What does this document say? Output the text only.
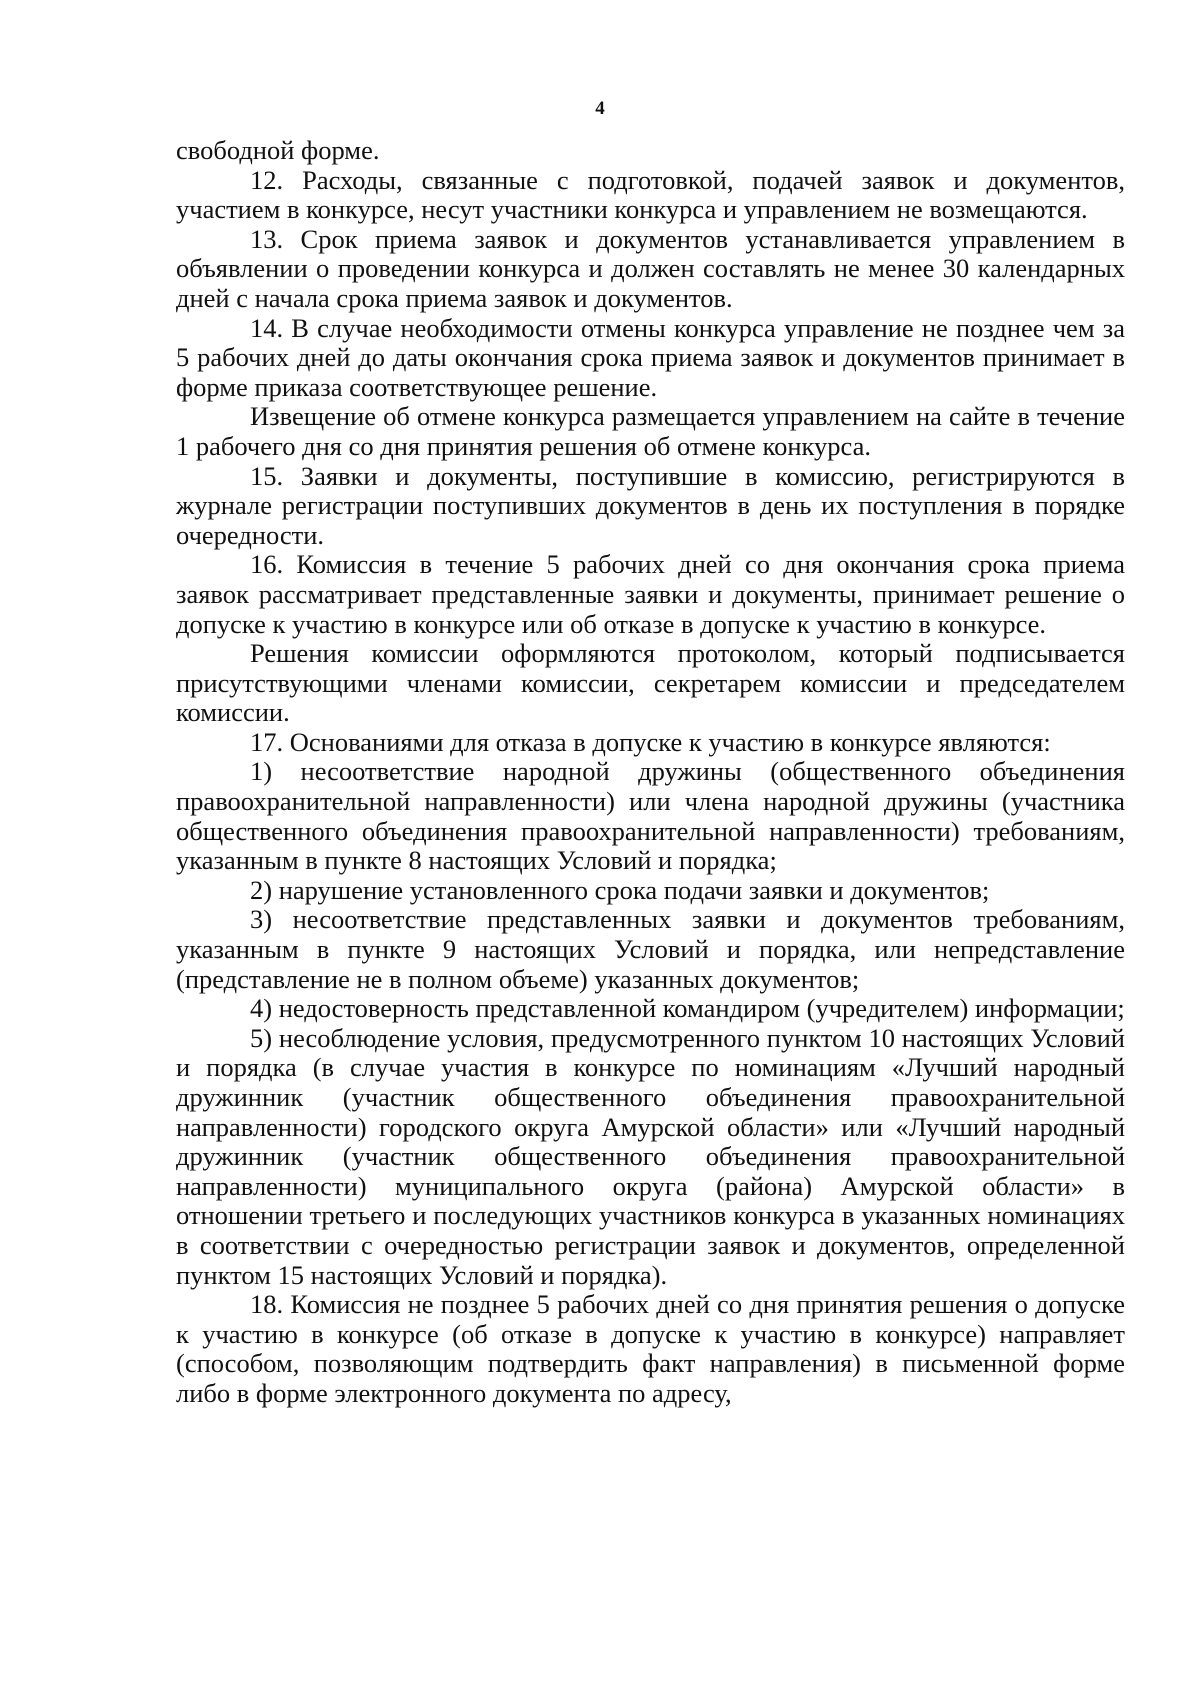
4

свободной форме.

12. Расходы, связанные с подготовкой, подачей заявок и документов, участием в конкурсе, несут участники конкурса и управлением не возмещаются.

13. Срок приема заявок и документов устанавливается управлением в объявлении о проведении конкурса и должен составлять не менее 30 календарных дней с начала срока приема заявок и документов.

14. В случае необходимости отмены конкурса управление не позднее чем за 5 рабочих дней до даты окончания срока приема заявок и документов принимает в форме приказа соответствующее решение.

Извещение об отмене конкурса размещается управлением на сайте в течение 1 рабочего дня со дня принятия решения об отмене конкурса.

15. Заявки и документы, поступившие в комиссию, регистрируются в журнале регистрации поступивших документов в день их поступления в порядке очередности.

16. Комиссия в течение 5 рабочих дней со дня окончания срока приема заявок рассматривает представленные заявки и документы, принимает решение о допуске к участию в конкурсе или об отказе в допуске к участию в конкурсе.

Решения комиссии оформляются протоколом, который подписывается присутствующими членами комиссии, секретарем комиссии и председателем комиссии.

17. Основаниями для отказа в допуске к участию в конкурсе являются:

1) несоответствие народной дружины (общественного объединения правоохранительной направленности) или члена народной дружины (участника общественного объединения правоохранительной направленности) требованиям, указанным в пункте 8 настоящих Условий и порядка;

2) нарушение установленного срока подачи заявки и документов;

3) несоответствие представленных заявки и документов требованиям, указанным в пункте 9 настоящих Условий и порядка, или непредставление (представление не в полном объеме) указанных документов;

4) недостоверность представленной командиром (учредителем) информации;

5) несоблюдение условия, предусмотренного пунктом 10 настоящих Условий и порядка (в случае участия в конкурсе по номинациям «Лучший народный дружинник (участник общественного объединения правоохранительной направленности) городского округа Амурской области» или «Лучший народный дружинник (участник общественного объединения правоохранительной направленности) муниципального округа (района) Амурской области» в отношении третьего и последующих участников конкурса в указанных номинациях в соответствии с очередностью регистрации заявок и документов, определенной пунктом 15 настоящих Условий и порядка).

18. Комиссия не позднее 5 рабочих дней со дня принятия решения о допуске к участию в конкурсе (об отказе в допуске к участию в конкурсе) направляет (способом, позволяющим подтвердить факт направления) в письменной форме либо в форме электронного документа по адресу,
